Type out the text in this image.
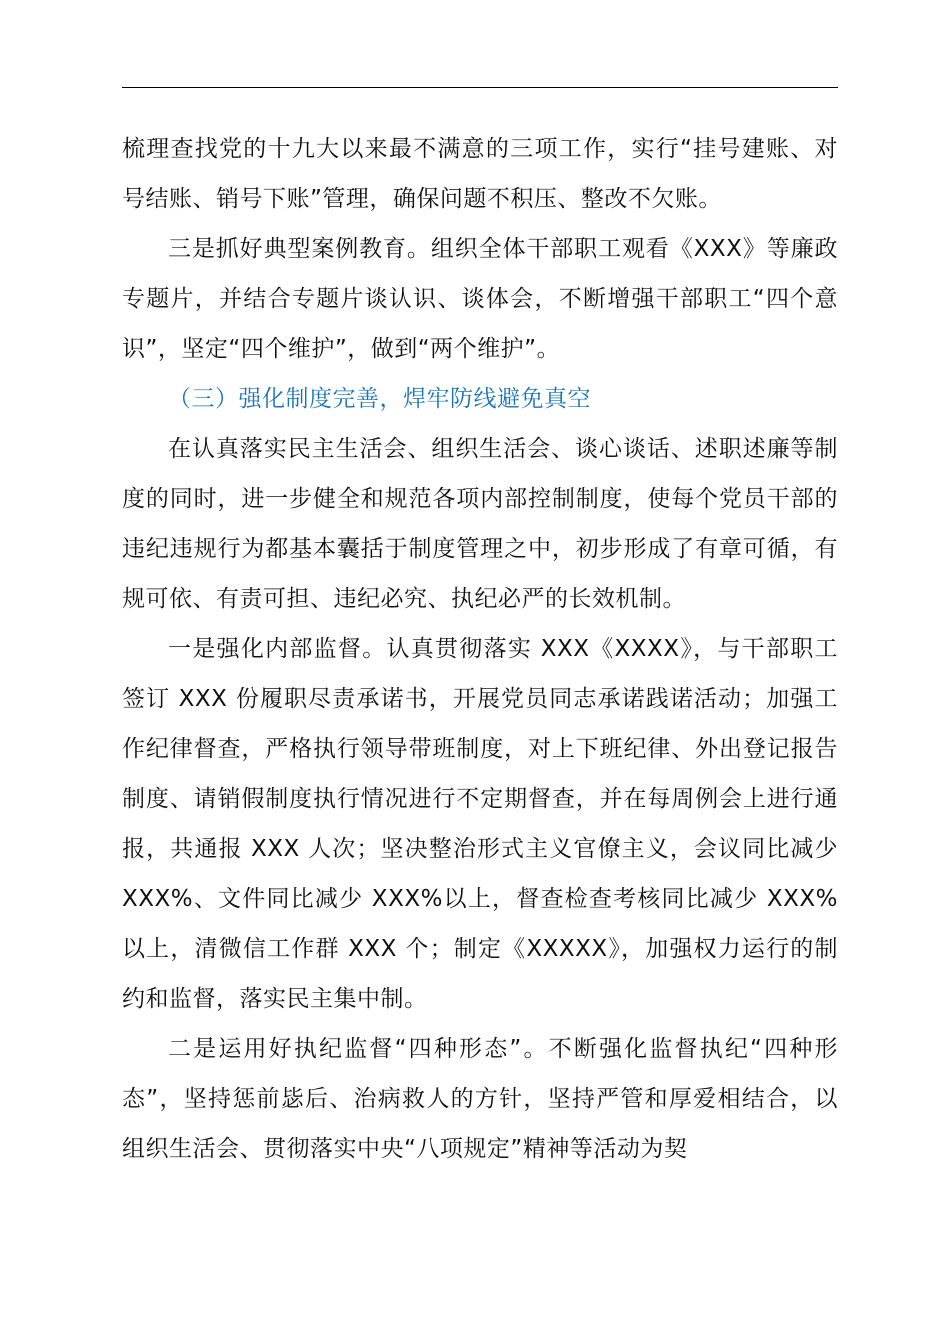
梳理查找党的十九大以来最不满意的三项工作，实行“挂号建账、对号结账、销号下账”管理，确保问题不积压、整改不欠账。

三是抓好典型案例教育。组织全体干部职工观看《XXX》等廉政专题片，并结合专题片谈认识、谈体会，不断增强干部职工“四个意识”，坚定“四个维护”，做到“两个维护”。

（三）强化制度完善，焊牢防线避免真空

在认真落实民主生活会、组织生活会、谈心谈话、述职述廉等制度的同时，进一步健全和规范各项内部控制制度，使每个党员干部的违纪违规行为都基本囊括于制度管理之中，初步形成了有章可循，有规可依、有责可担、违纪必究、执纪必严的长效机制。

一是强化内部监督。认真贯彻落实 XXX《XXXX》，与干部职工签订 XXX 份履职尽责承诺书，开展党员同志承诺践诺活动；加强工作纪律督查，严格执行领导带班制度，对上下班纪律、外出登记报告制度、请销假制度执行情况进行不定期督查，并在每周例会上进行通报，共通报 XXX 人次；坚决整治形式主义官僚主义，会议同比减少 XXX%、文件同比减少 XXX%以上，督查检查考核同比减少 XXX%以上，清微信工作群 XXX 个；制定《XXXXX》，加强权力运行的制约和监督，落实民主集中制。

二是运用好执纪监督“四种形态”。不断强化监督执纪“四种形态”，坚持惩前毖后、治病救人的方针，坚持严管和厚爱相结合，以组织生活会、贯彻落实中央“八项规定”精神等活动为契
